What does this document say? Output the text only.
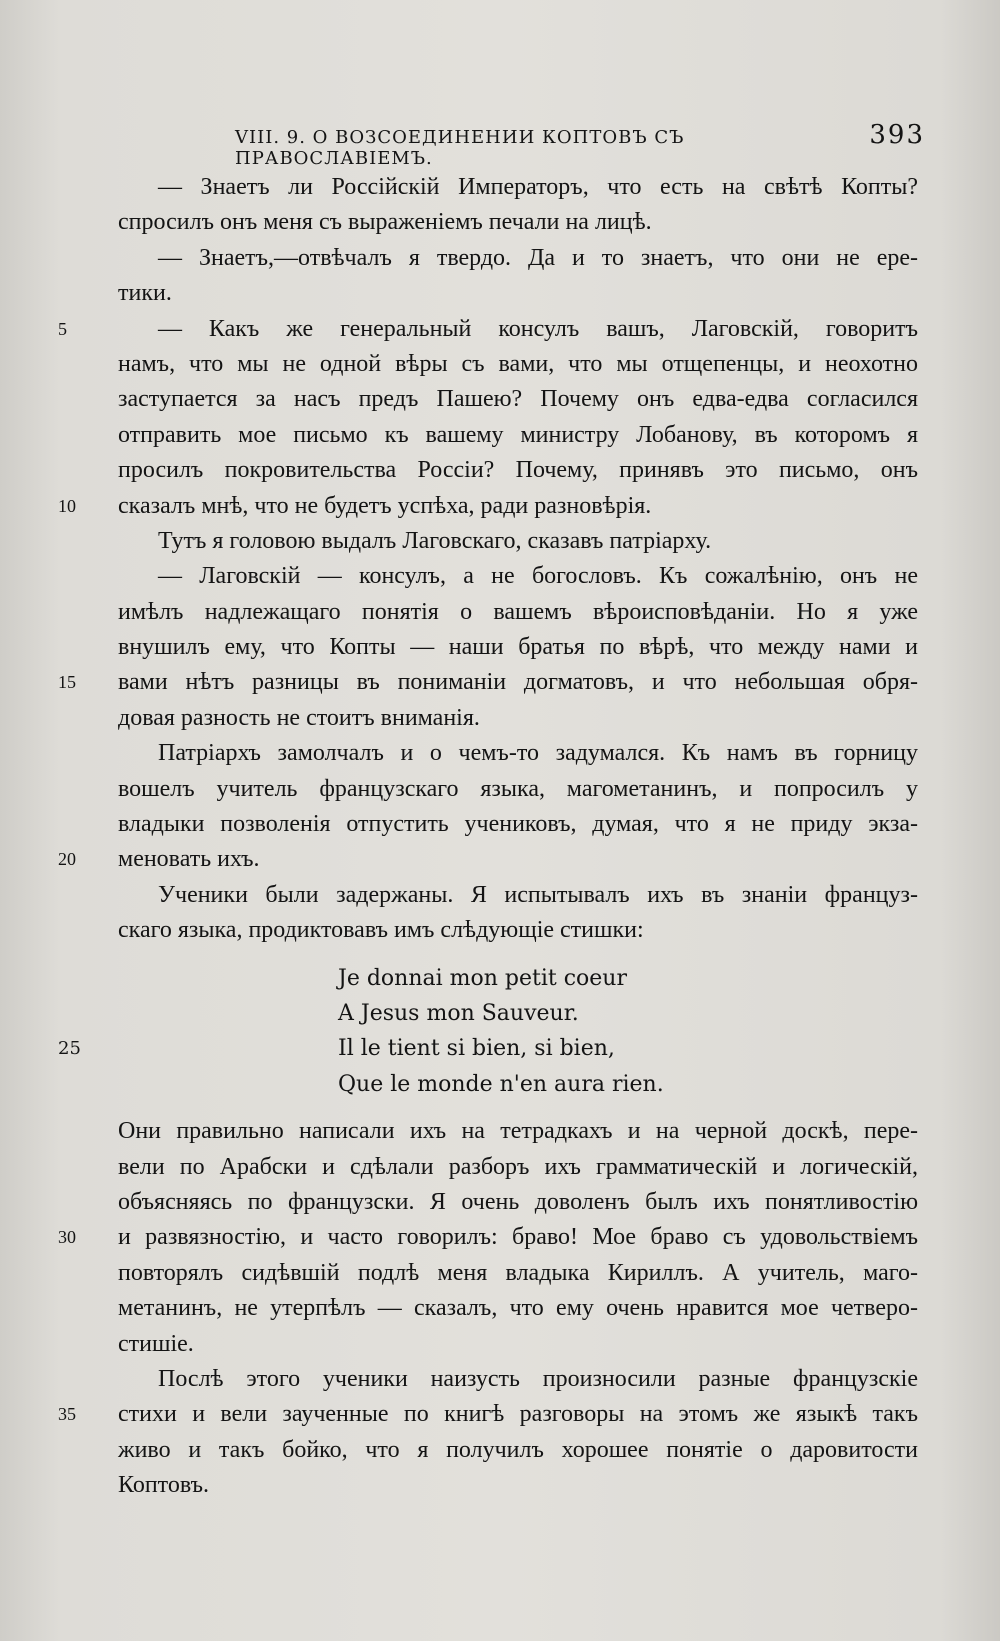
VIII. 9. О ВОЗСОЕДИНЕНИИ КОПТОВЪ СЪ ПРАВОСЛАВІЕМЪ.
393
— Знаетъ ли Россійскій Императоръ, что есть на свѣтѣ Копты?
спросилъ онъ меня съ выраженіемъ печали на лицѣ.
— Знаетъ,—отвѣчалъ я твердо. Да и то знаетъ, что они не ере-
тики.
— Какъ же генеральный консулъ вашъ, Лаговскій, говоритъ
5
намъ, что мы не одной вѣры съ вами, что мы отщепенцы, и неохотно
заступается за насъ предъ Пашею? Почему онъ едва-едва согласился
отправить мое письмо къ вашему министру Лобанову, въ которомъ я
просилъ покровительства Россіи? Почему, принявъ это письмо, онъ
сказалъ мнѣ, что не будетъ успѣха, ради разновѣрія.
10
Тутъ я головою выдалъ Лаговскаго, сказавъ патріарху.
— Лаговскій — консулъ, а не богословъ. Къ сожалѣнію, онъ не
имѣлъ надлежащаго понятія о вашемъ вѣроисповѣданіи. Но я уже
внушилъ ему, что Копты — наши братья по вѣрѣ, что между нами и
вами нѣтъ разницы въ пониманіи догматовъ, и что небольшая обря-
15
довая разность не стоитъ вниманія.
Патріархъ замолчалъ и о чемъ-то задумался. Къ намъ въ горницу
вошелъ учитель французскаго языка, магометанинъ, и попросилъ у
владыки позволенія отпустить учениковъ, думая, что я не приду экза-
меновать ихъ.
20
Ученики были задержаны. Я испытывалъ ихъ въ знаніи француз-
скаго языка, продиктовавъ имъ слѣдующіе стишки:
Je donnai mon petit coeur
A Jesus mon Sauveur.
Il le tient si bien, si bien,
25
Que le monde n'en aura rien.
Они правильно написали ихъ на тетрадкахъ и на черной доскѣ, пере-
вели по Арабски и сдѣлали разборъ ихъ грамматическій и логическій,
объясняясь по французски. Я очень доволенъ былъ ихъ понятливостію
и развязностію, и часто говорилъ: браво! Мое браво съ удовольствіемъ
30
повторялъ сидѣвшій подлѣ меня владыка Кириллъ. А учитель, маго-
метанинъ, не утерпѣлъ — сказалъ, что ему очень нравится мое четверо-
стишіе.
Послѣ этого ученики наизусть произносили разные французскіе
стихи и вели заученные по книгѣ разговоры на этомъ же языкѣ такъ
35
живо и такъ бойко, что я получилъ хорошее понятіе о даровитости
Коптовъ.
